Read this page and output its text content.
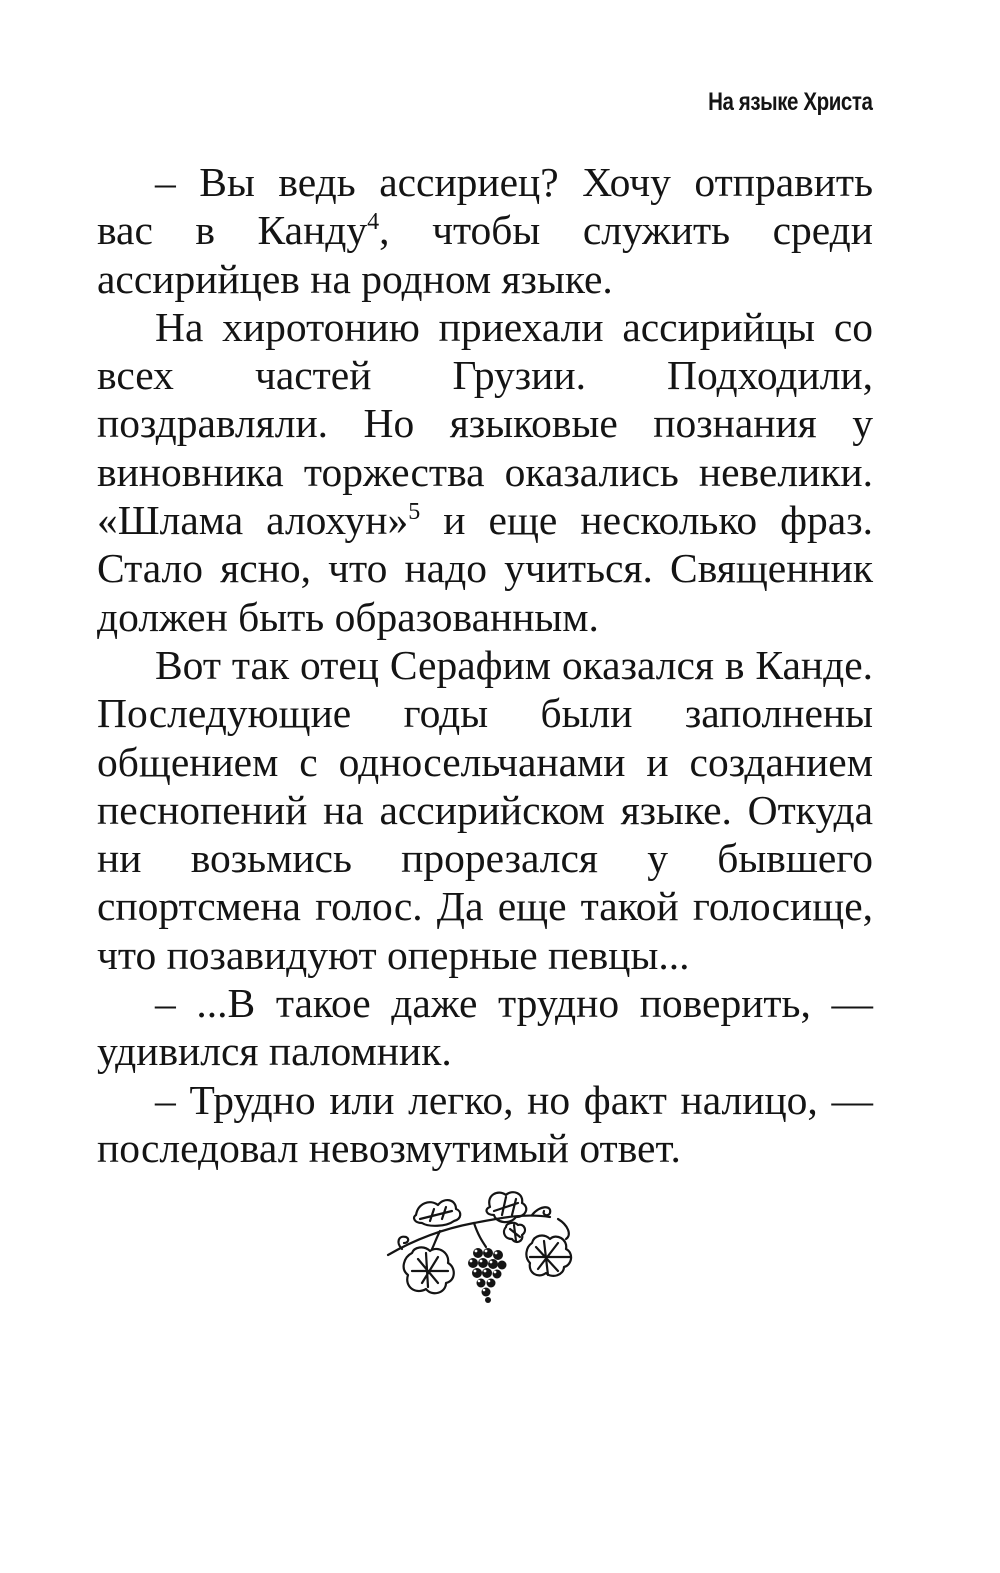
На языке Христа

– Вы ведь ассириец? Хочу отправить вас в Канду$^4$, чтобы служить среди ассирийцев на родном языке.

На хиротонию приехали ассирийцы со всех частей Грузии. Подходили, поздравляли. Но языковые познания у виновника торжества оказались невелики. «Шлама алохун»$^5$ и еще несколько фраз. Стало ясно, что надо учиться. Священник должен быть образованным.

Вот так отец Серафим оказался в Канде. Последующие годы были заполнены общением с односельчанами и созданием песнопений на ассирийском языке. Откуда ни возьмись прорезался у бывшего спортсмена голос. Да еще такой голосище, что позавидуют оперные певцы...

– ...В такое даже трудно поверить, — удивился паломник.

– Трудно или легко, но факт налицо, — последовал невозмутимый ответ.
